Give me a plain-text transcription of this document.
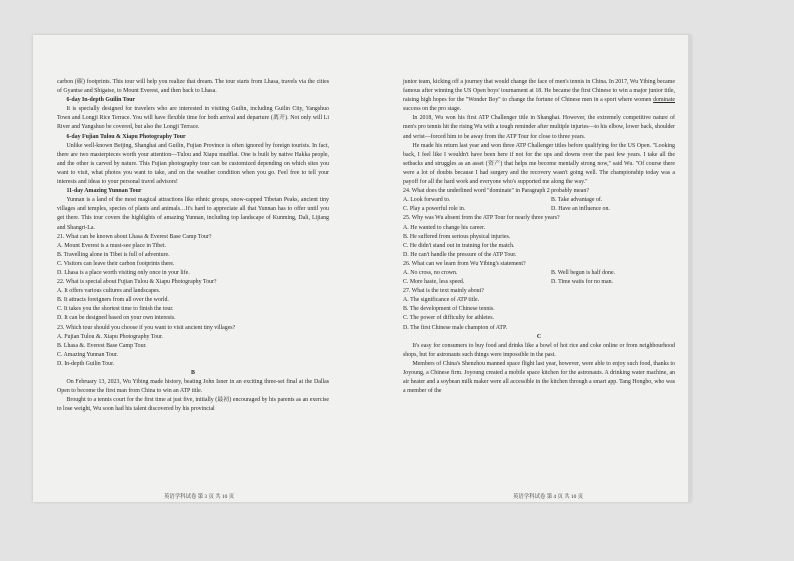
carbon (碳) footprints. This tour will help you realize that dream. The tour starts from Lhasa, travels via the cities of Gyantse and Shigatse, to Mount Everest, and then back to Lhasa.

6-day In-depth Guilin Tour

It is specially designed for travelers who are interested in visiting Guilin, including Guilin City, Yangshuo Town and Longji Rice Terrace. You will have flexible time for both arrival and departure (离开). Not only will Li River and Yangshuo be covered, but also the Longji Terrace.

6-day Fujian Tulou & Xiapu Photography Tour

Unlike well-known Beijing, Shanghai and Guilin, Fujian Province is often ignored by foreign tourists. In fact, there are two masterpieces worth your attention—Tulou and Xiapu mudflat. One is built by native Hakka people, and the other is carved by nature. This Fujian photography tour can be customized depending on which sites you want to visit, what photos you want to take, and on the weather condition when you go. Feel free to tell your interests and ideas to your personal travel advisors!

11-day Amazing Yunnan Tour

Yunnan is a land of the most magical attractions like ethnic groups, snow-capped Tibetan Peaks, ancient tiny villages and temples, species of plants and animals…It's hard to appreciate all that Yunnan has to offer until you get there. This tour covers the highlights of amazing Yunnan, including top landscape of Kunming, Dali, Lijiang and Shangri-La.

21. What can be known about Lhasa & Everest Base Camp Tour?

A. Mount Everest is a must-see place in Tibet.

B. Travelling alone in Tibet is full of adventure.

C. Visitors can leave their carbon footprints there.

D. Lhasa is a place worth visiting only once in your life.

22. What is special about Fujian Tulou & Xiapu Photography Tour?

A. It offers various cultures and landscapes.

B. It attracts foreigners from all over the world.

C. It takes you the shortest time to finish the tour.

D. It can be designed based on your own interests.

23. Which tour should you choose if you want to visit ancient tiny villages?

A. Fujian Tulou &. Xiapu Photography Tour.

B. Lhasa &. Everest Base Camp Tour.

C. Amazing Yunnan Tour.

D. In-depth Guilin Tour.

B

On February 13, 2023, Wu Yibing made history, beating John Isner in an exciting three-set final at the Dallas Open to become the first man from China to win an ATP title.

Brought to a tennis court for the first time at just five, initially (最初) encouraged by his parents as an exercise to lose weight, Wu soon had his talent discovered by his provincial

junior team, kicking off a journey that would change the face of men's tennis in China. In 2017, Wu Yibing became famous after winning the US Open boys' tournament at 18. He became the first Chinese to win a major junior title, raising high hopes for the "Wonder Boy" to change the fortune of Chinese men in a sport where women dominate success on the pro stage.

In 2018, Wu won his first ATP Challenger title in Shanghai. However, the extremely competitive nature of men's pro tennis hit the rising Wu with a tough reminder after multiple injuries—to his elbow, lower back, shoulder and wrist—forced him to be away from the ATP Tour for close to three years.

He made his return last year and won three ATP Challenger titles before qualifying for the US Open. "Looking back, I feel like I wouldn't have been here if not for the ups and downs over the past few years. I take all the setbacks and struggles as an asset (资产) that helps me become mentally strong now," said Wu. "Of course there were a lot of doubts because I had surgery and the recovery wasn't going well. The championship today was a payoff for all the hard work and everyone who's supported me along the way."

24. What does the underlined word "dominate" in Paragraph 2 probably mean?

A. Look forward to.	B. Take advantage of.
C. Play a powerful role in.	D. Have an influence on.

25. Why was Wu absent from the ATP Tour for nearly three years?

A. He wanted to change his career.

B. He suffered from serious physical injuries.

C. He didn't stand out in training for the match.

D. He can't handle the pressure of the ATP Tour.

26. What can we learn from Wu Yibing's statement?

A. No cross, no crown.	B. Well begun is half done.
C. More haste, less speed.	D. Time waits for no man.

27. What is the text mainly about?

A. The significance of ATP title.

B. The development of Chinese tennis.

C. The power of difficulty for athletes.

D. The first Chinese male champion of ATP.

C

It's easy for consumers to buy food and drinks like a bowl of hot rice and coke online or from neighbourhood shops, but for astronauts such things were impossible in the past.

Members of China's Shenzhou manned space flight last year, however, were able to enjoy such food, thanks to Joyoung, a Chinese firm. Joyoung created a mobile space kitchen for the astronauts. A drinking water machine, an air heater and a soybean milk maker were all accessible in the kitchen through a smart app. Tang Hongbo, who was a member of the

英语学科试卷 第 3 页 共 10 页	英语学科试卷 第 4 页 共 10 页
